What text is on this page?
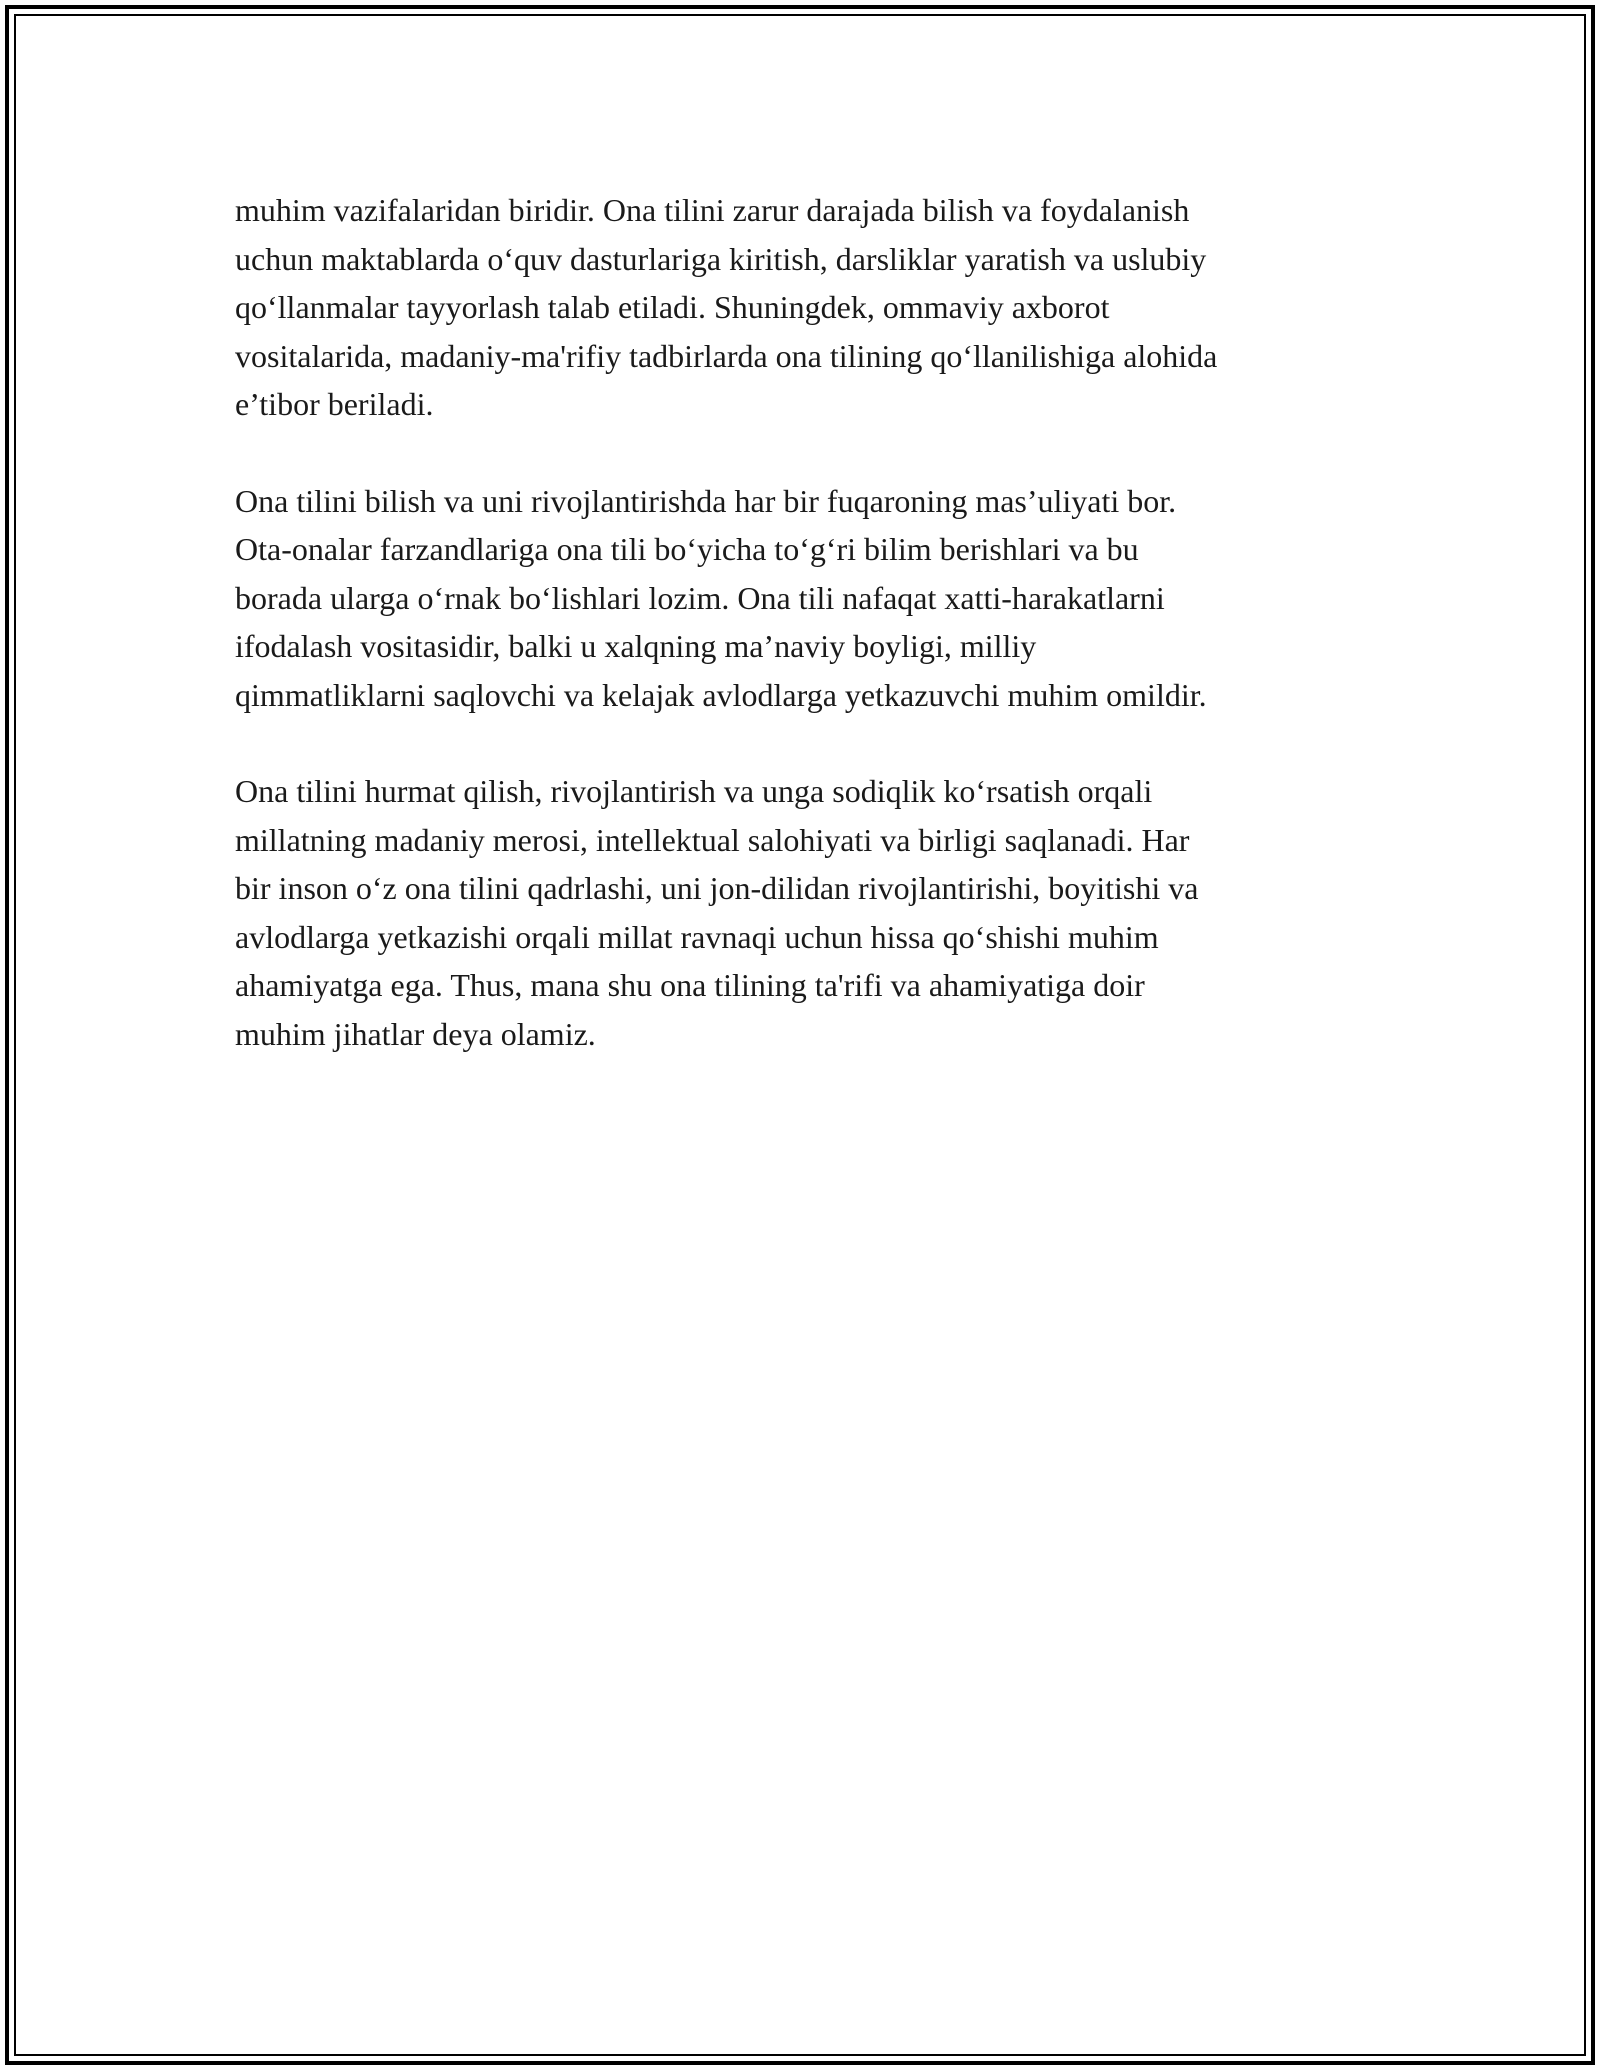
muhim vazifalaridan biridir. Ona tilini zarur darajada bilish va foydalanish
uchun maktablarda o‘quv dasturlariga kiritish, darsliklar yaratish va uslubiy
qo‘llanmalar tayyorlash talab etiladi. Shuningdek, ommaviy axborot
vositalarida, madaniy-ma'rifiy tadbirlarda ona tilining qo‘llanilishiga alohida
e’tibor beriladi.

Ona tilini bilish va uni rivojlantirishda har bir fuqaroning mas’uliyati bor.
Ota-onalar farzandlariga ona tili bo‘yicha to‘g‘ri bilim berishlari va bu
borada ularga o‘rnak bo‘lishlari lozim. Ona tili nafaqat xatti-harakatlarni
ifodalash vositasidir, balki u xalqning ma’naviy boyligi, milliy
qimmatliklarni saqlovchi va kelajak avlodlarga yetkazuvchi muhim omildir.

Ona tilini hurmat qilish, rivojlantirish va unga sodiqlik ko‘rsatish orqali
millatning madaniy merosi, intellektual salohiyati va birligi saqlanadi. Har
bir inson o‘z ona tilini qadrlashi, uni jon-dilidan rivojlantirishi, boyitishi va
avlodlarga yetkazishi orqali millat ravnaqi uchun hissa qo‘shishi muhim
ahamiyatga ega. Thus, mana shu ona tilining ta'rifi va ahamiyatiga doir
muhim jihatlar deya olamiz.
